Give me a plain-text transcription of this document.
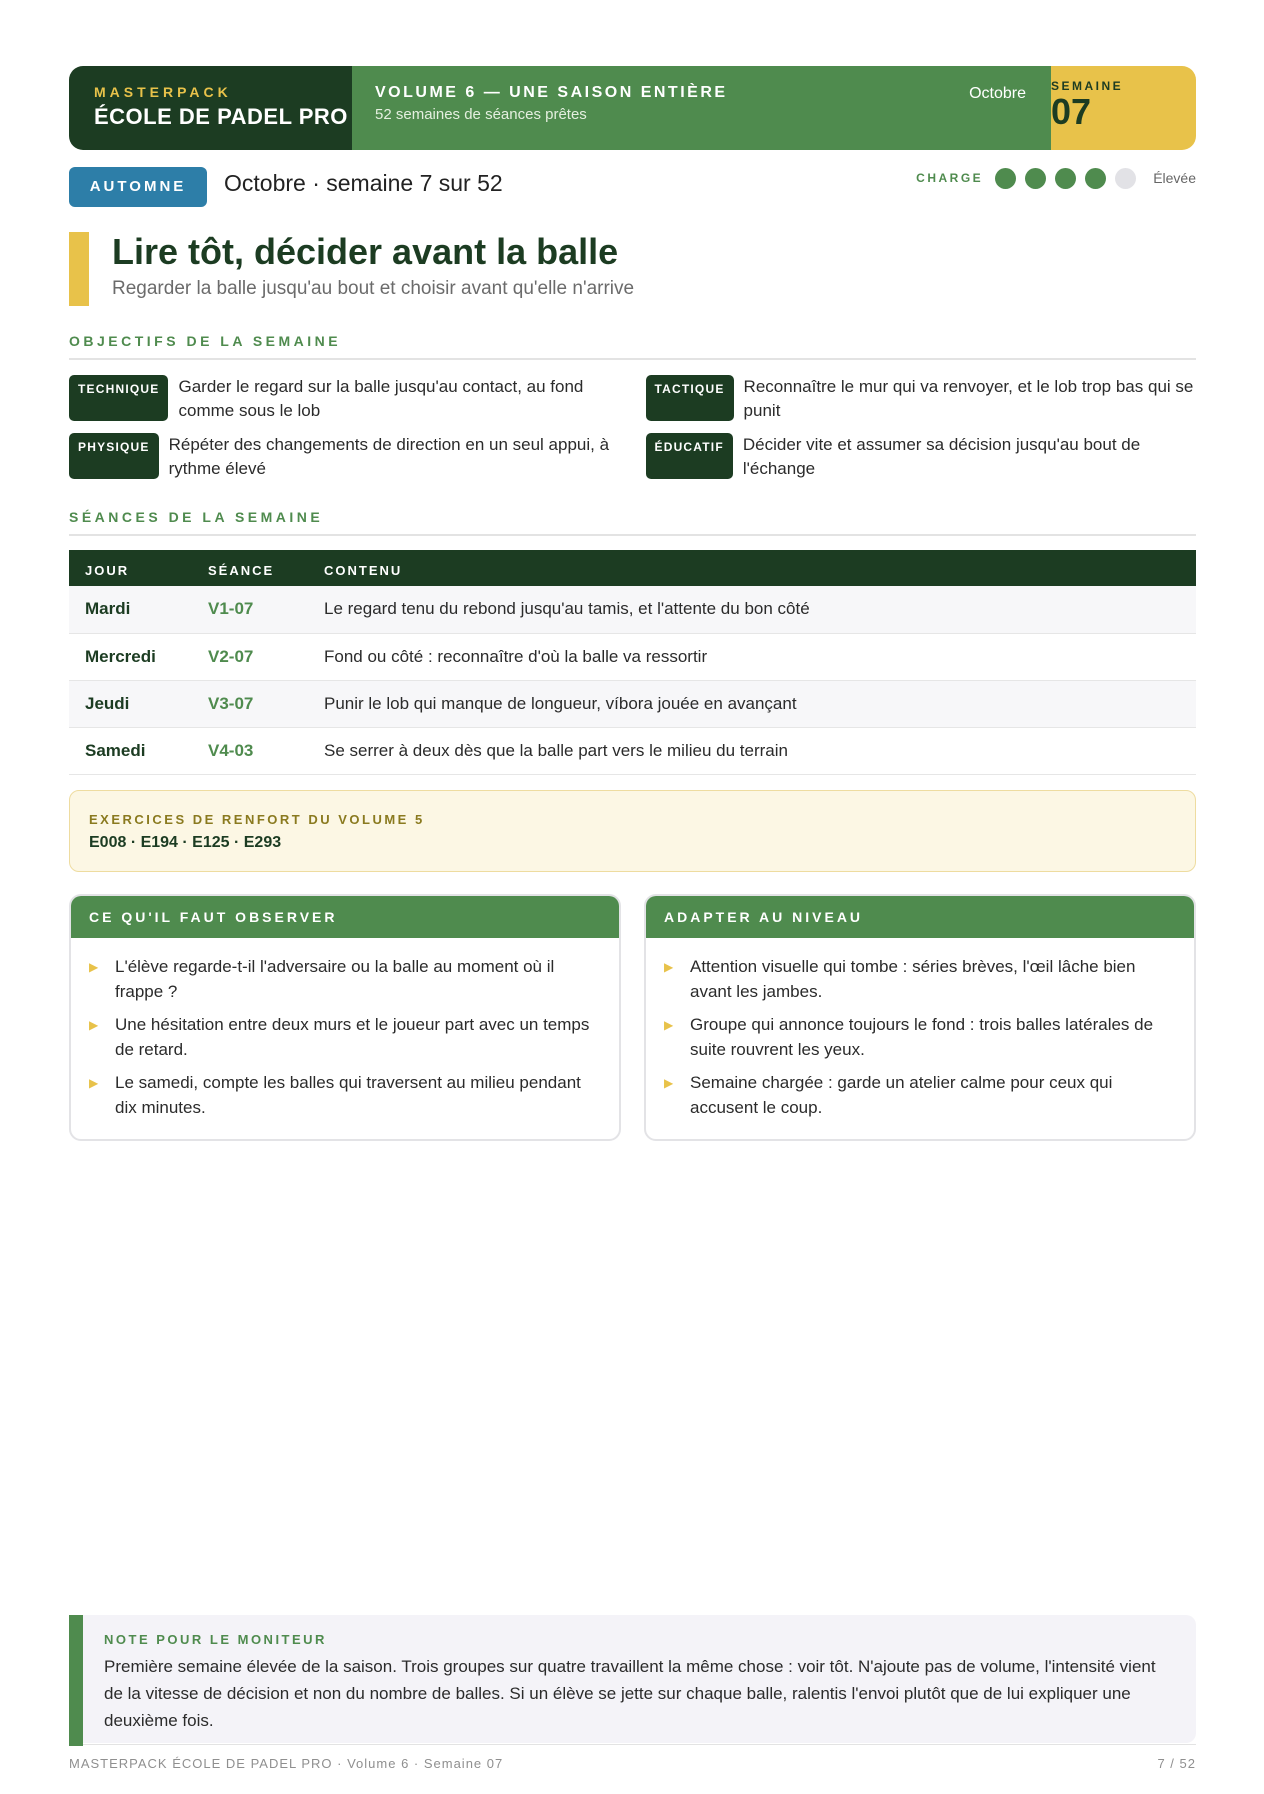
MASTERPACK
ÉCOLE DE PADEL PRO
VOLUME 6 — UNE SAISON ENTIÈRE
52 semaines de séances prêtes
Octobre SEMAINE
07
AUTOMNE	Octobre · semaine 7 sur 52	CHARGE	Élevée
Lire tôt, décider avant la balle
Regarder la balle jusqu'au bout et choisir avant qu'elle n'arrive
OBJECTIFS DE LA SEMAINE
TECHNIQUE	Garder le regard sur la balle jusqu'au contact, au fond comme sous le lob
TACTIQUE	Reconnaître le mur qui va renvoyer, et le lob trop bas qui se punit
PHYSIQUE	Répéter des changements de direction en un seul appui, à rythme élevé
ÉDUCATIF	Décider vite et assumer sa décision jusqu'au bout de l'échange
SÉANCES DE LA SEMAINE
JOUR	SÉANCE	CONTENU
Mardi	V1-07	Le regard tenu du rebond jusqu'au tamis, et l'attente du bon côté
Mercredi	V2-07	Fond ou côté : reconnaître d'où la balle va ressortir
Jeudi	V3-07	Punir le lob qui manque de longueur, víbora jouée en avançant
Samedi	V4-03	Se serrer à deux dès que la balle part vers le milieu du terrain
EXERCICES DE RENFORT DU VOLUME 5
E008 · E194 · E125 · E293
CE QU'IL FAUT OBSERVER
▶ L'élève regarde-t-il l'adversaire ou la balle au moment où il frappe ?
▶ Une hésitation entre deux murs et le joueur part avec un temps de retard.
▶ Le samedi, compte les balles qui traversent au milieu pendant dix minutes.
ADAPTER AU NIVEAU
▶ Attention visuelle qui tombe : séries brèves, l'œil lâche bien avant les jambes.
▶ Groupe qui annonce toujours le fond : trois balles latérales de suite rouvrent les yeux.
▶ Semaine chargée : garde un atelier calme pour ceux qui accusent le coup.
NOTE POUR LE MONITEUR
Première semaine élevée de la saison. Trois groupes sur quatre travaillent la même chose : voir tôt. N'ajoute pas de volume, l'intensité vient de la vitesse de décision et non du nombre de balles. Si un élève se jette sur chaque balle, ralentis l'envoi plutôt que de lui expliquer une deuxième fois.
MASTERPACK ÉCOLE DE PADEL PRO · Volume 6 · Semaine 07	7 / 52
